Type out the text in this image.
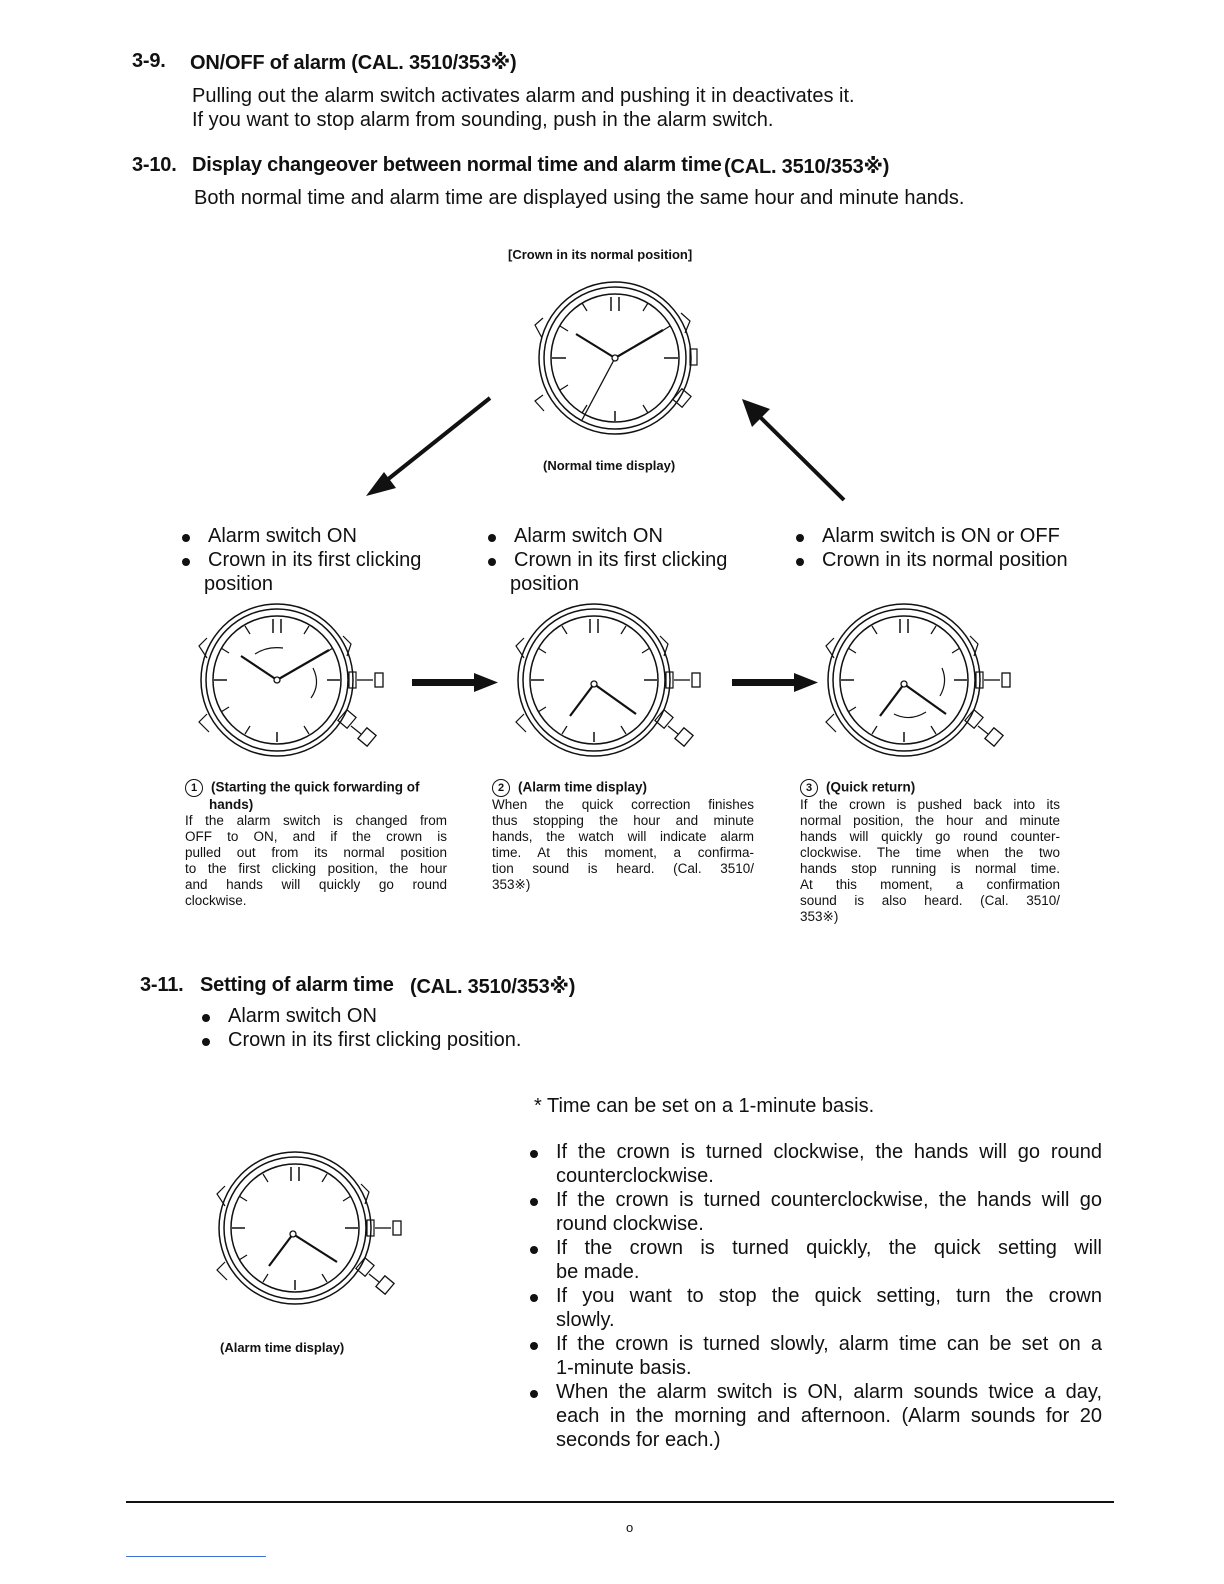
3-9. ON/OFF of alarm (CAL. 3510/353※)
Pulling out the alarm switch activates alarm and pushing it in deactivates it.
If you want to stop alarm from sounding, push in the alarm switch.
3-10. Display changeover between normal time and alarm time (CAL. 3510/353※)
Both normal time and alarm time are displayed using the same hour and minute hands.
[Crown in its normal position]
(Normal time display)
Alarm switch ON
Crown in its first clicking
position
Alarm switch ON
Crown in its first clicking
position
Alarm switch is ON or OFF
Crown in its normal position
1 (Starting the quick forwarding of
hands)
If the alarm switch is changed from
OFF to ON, and if the crown is
pulled out from its normal position
to the first clicking position, the hour
and hands will quickly go round
clockwise.
2 (Alarm time display)
When the quick correction finishes
thus stopping the hour and minute
hands, the watch will indicate alarm
time. At this moment, a confirma-
tion sound is heard. (Cal. 3510/
353※)
3 (Quick return)
If the crown is pushed back into its
normal position, the hour and minute
hands will quickly go round counter-
clockwise. The time when the two
hands stop running is normal time.
At this moment, a confirmation
sound is also heard. (Cal. 3510/
353※)
3-11. Setting of alarm time (CAL. 3510/353※)
Alarm switch ON
Crown in its first clicking position.
* Time can be set on a 1-minute basis.
(Alarm time display)
If the crown is turned clockwise, the hands will go round
counterclockwise.
If the crown is turned counterclockwise, the hands will go
round clockwise.
If the crown is turned quickly, the quick setting will
be made.
If you want to stop the quick setting, turn the crown
slowly.
If the crown is turned slowly, alarm time can be set on a
1-minute basis.
When the alarm switch is ON, alarm sounds twice a day,
each in the morning and afternoon. (Alarm sounds for 20
seconds for each.)
o
